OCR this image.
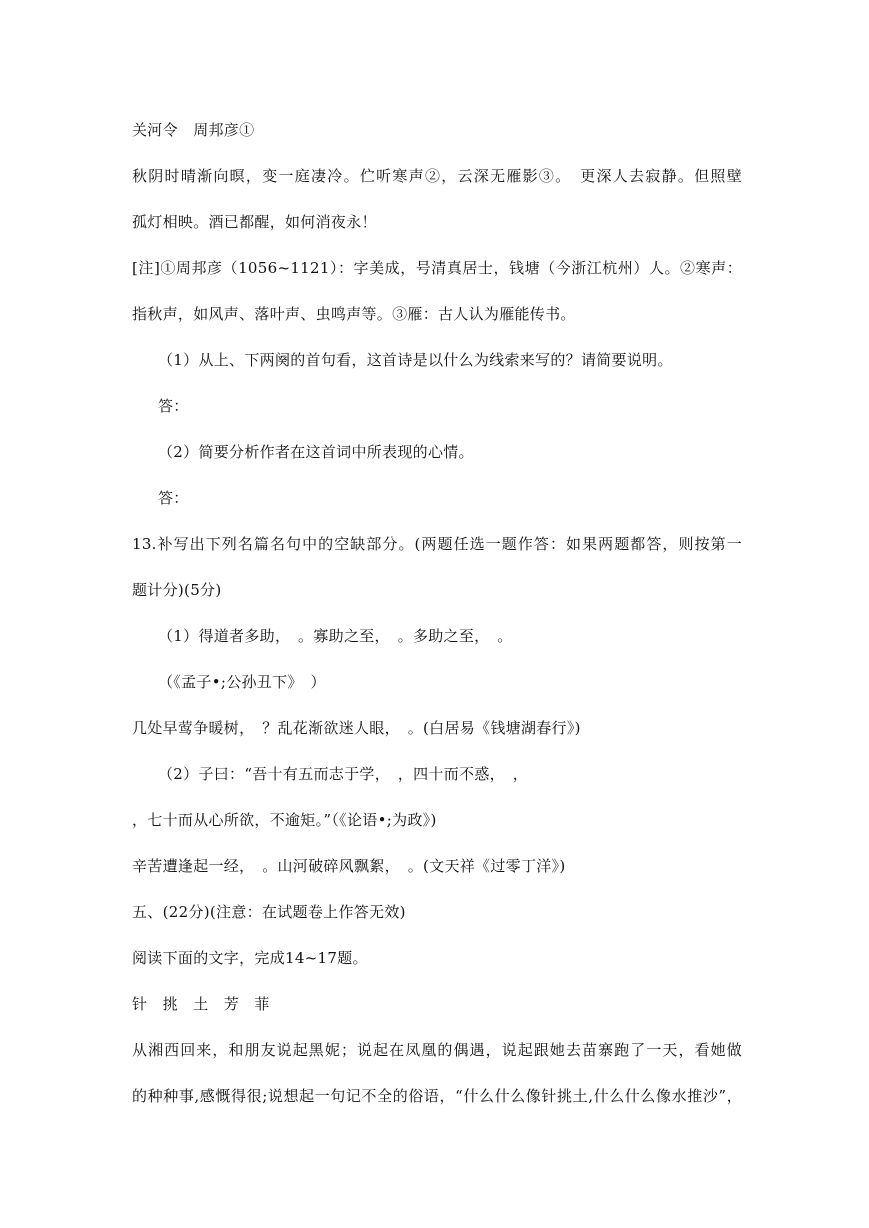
关河令　周邦彦①
秋阴时晴渐向暝，变一庭凄冷。伫听寒声②，云深无雁影③。　更深人去寂静。但照壁
孤灯相映。酒已都醒，如何消夜永！
[注]①周邦彦（1056~1121）：字美成，号清真居士，钱塘（今浙江杭州）人。②寒声：
指秋声，如风声、落叶声、虫鸣声等。③雁：古人认为雁能传书。
（1）从上、下两阕的首句看，这首诗是以什么为线索来写的？请简要说明。
答：
（2）简要分析作者在这首词中所表现的心情。
答：
13.补写出下列名篇名句中的空缺部分。(两题任选一题作答：如果两题都答，则按第一
题计分)(5分)
（1）得道者多助，　。寡助之至，　。多助之至，　。
（《孟子•;公孙丑下》　）
几处早莺争暖树，　？乱花渐欲迷人眼，　。(白居易《钱塘湖春行》)
（2）子曰：“吾十有五而志于学，　，四十而不惑，　，
，七十而从心所欲，不逾矩。”（《论语•;为政》)
辛苦遭逢起一经，　。山河破碎风飘絮，　。(文天祥《过零丁洋》)
五、(22分)(注意：在试题卷上作答无效)
阅读下面的文字，完成14~17题。
针　挑　土　芳　菲
从湘西回来，和朋友说起黑妮；说起在凤凰的偶遇，说起跟她去苗寨跑了一天，看她做
的种种事,感慨得很;说想起一句记不全的俗语，“什么什么像针挑土,什么什么像水推沙”，
